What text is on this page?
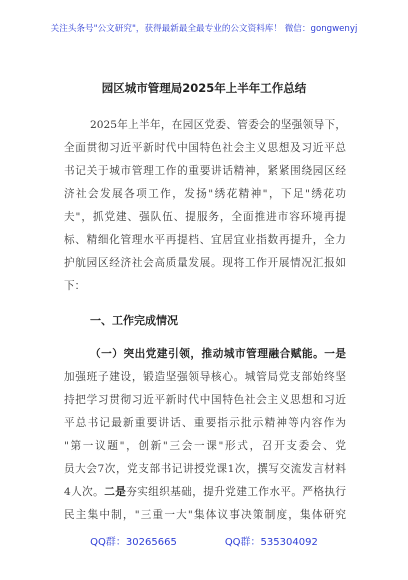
关注头条号"公文研究"，获得最新最全最专业的公文资料库！ 微信：gongwenyj
园区城市管理局2025年上半年工作总结
2025年上半年，在园区党委、管委会的坚强领导下，
全面贯彻习近平新时代中国特色社会主义思想及习近平总
书记关于城市管理工作的重要讲话精神，紧紧围绕园区经
济社会发展各项工作，发扬"绣花精神"，下足"绣花功
夫"，抓党建、强队伍、提服务，全面推进市容环境再提
标、精细化管理水平再提档、宜居宜业指数再提升，全力
护航园区经济社会高质量发展。现将工作开展情况汇报如
下：
一、工作完成情况
（一）突出党建引领，推动城市管理融合赋能。一是
加强班子建设，锻造坚强领导核心。城管局党支部始终坚
持把学习贯彻习近平新时代中国特色社会主义思想和习近
平总书记最新重要讲话、重要指示批示精神等内容作为
"第一议题"，创新"三会一课"形式，召开支委会、党
员大会7次，党支部书记讲授党课1次，撰写交流发言材料
4人次。二是夯实组织基础，提升党建工作水平。严格执行
民主集中制，"三重一大"集体议事决策制度，集体研究
QQ群：30265665	QQ群：535304092
